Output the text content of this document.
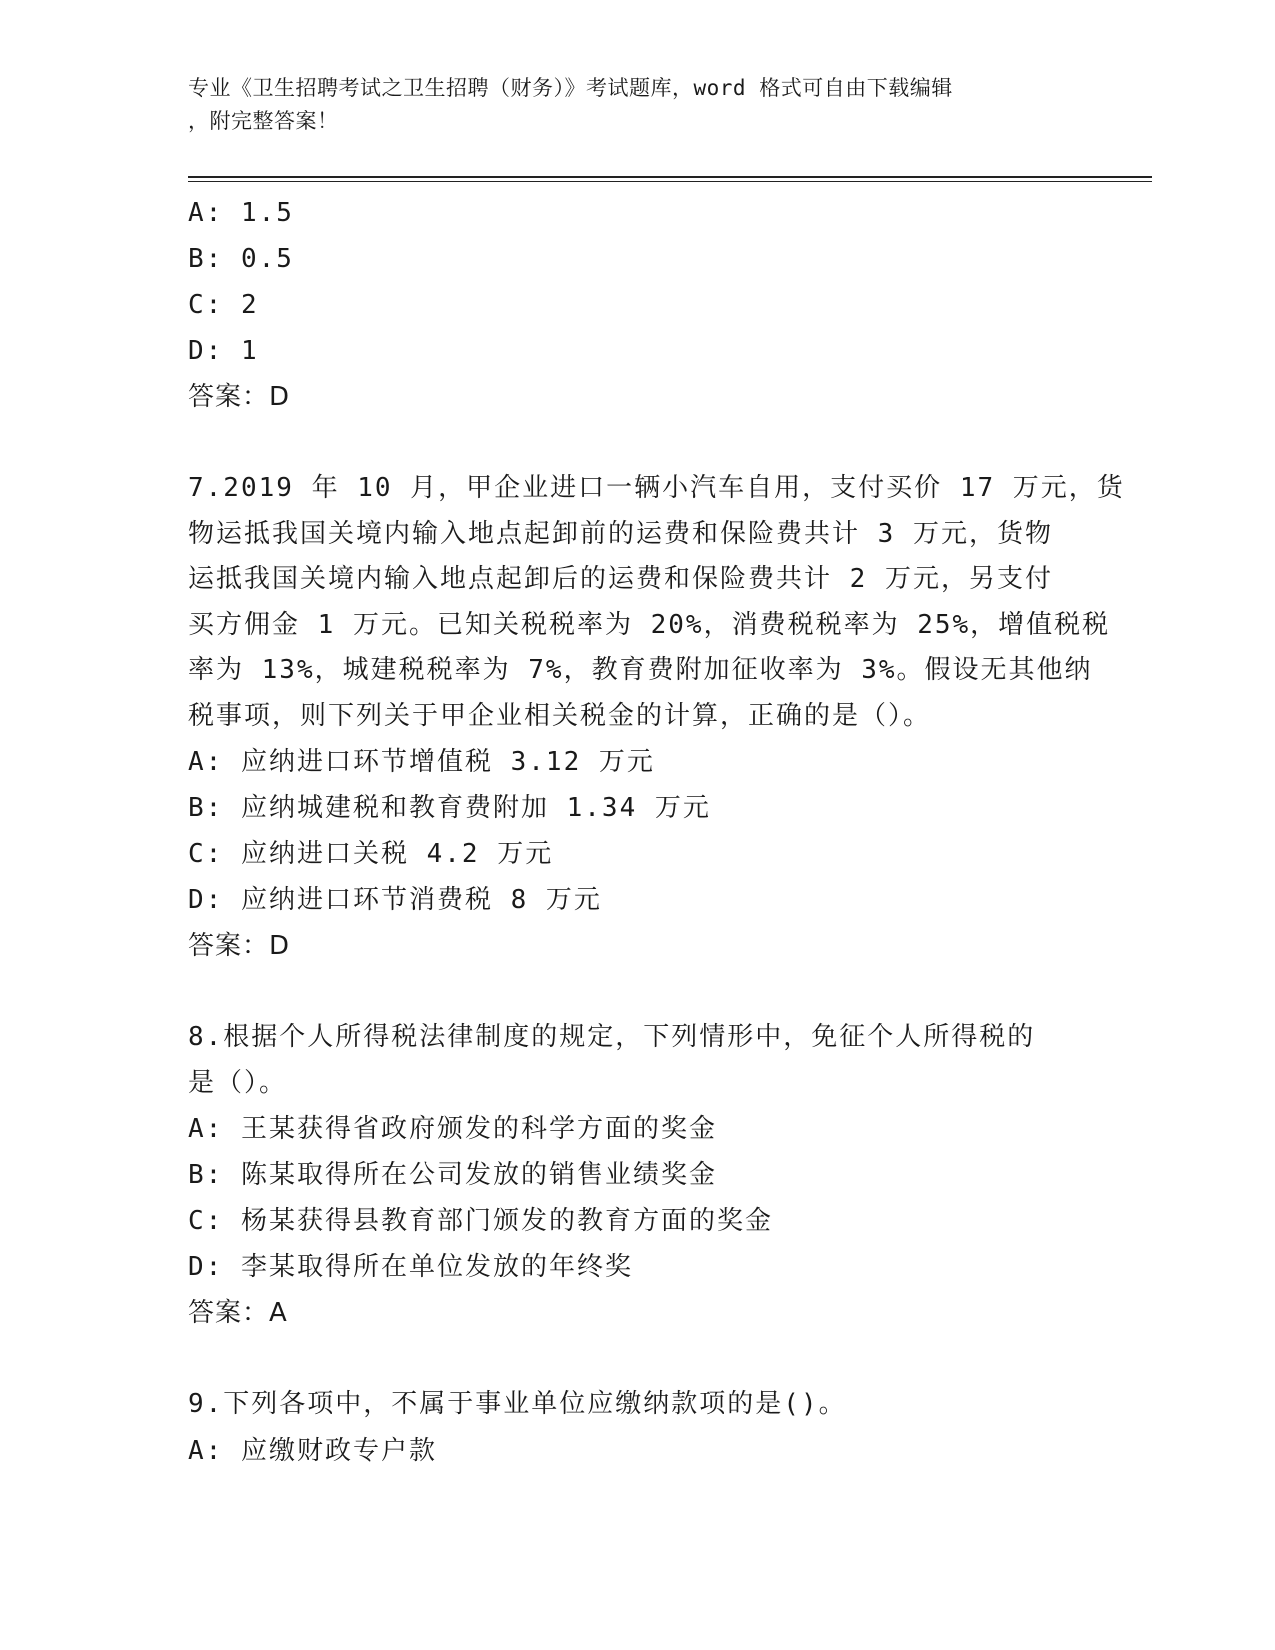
专业《卫生招聘考试之卫生招聘（财务）》考试题库，word 格式可自由下载编辑
，附完整答案！
A: 1.5
B: 0.5
C: 2
D: 1
答案：D
7.2019 年 10 月，甲企业进口一辆小汽车自用，支付买价 17 万元，货
物运抵我国关境内输入地点起卸前的运费和保险费共计 3 万元，货物
运抵我国关境内输入地点起卸后的运费和保险费共计 2 万元，另支付
买方佣金 1 万元。已知关税税率为 20%，消费税税率为 25%，增值税税
率为 13%，城建税税率为 7%，教育费附加征收率为 3%。假设无其他纳
税事项，则下列关于甲企业相关税金的计算，正确的是（）。
A: 应纳进口环节增值税 3.12 万元
B: 应纳城建税和教育费附加 1.34 万元
C: 应纳进口关税 4.2 万元
D: 应纳进口环节消费税 8 万元
答案：D
8.根据个人所得税法律制度的规定，下列情形中，免征个人所得税的
是（）。
A: 王某获得省政府颁发的科学方面的奖金
B: 陈某取得所在公司发放的销售业绩奖金
C: 杨某获得县教育部门颁发的教育方面的奖金
D: 李某取得所在单位发放的年终奖
答案：A
9.下列各项中，不属于事业单位应缴纳款项的是()。
A: 应缴财政专户款
